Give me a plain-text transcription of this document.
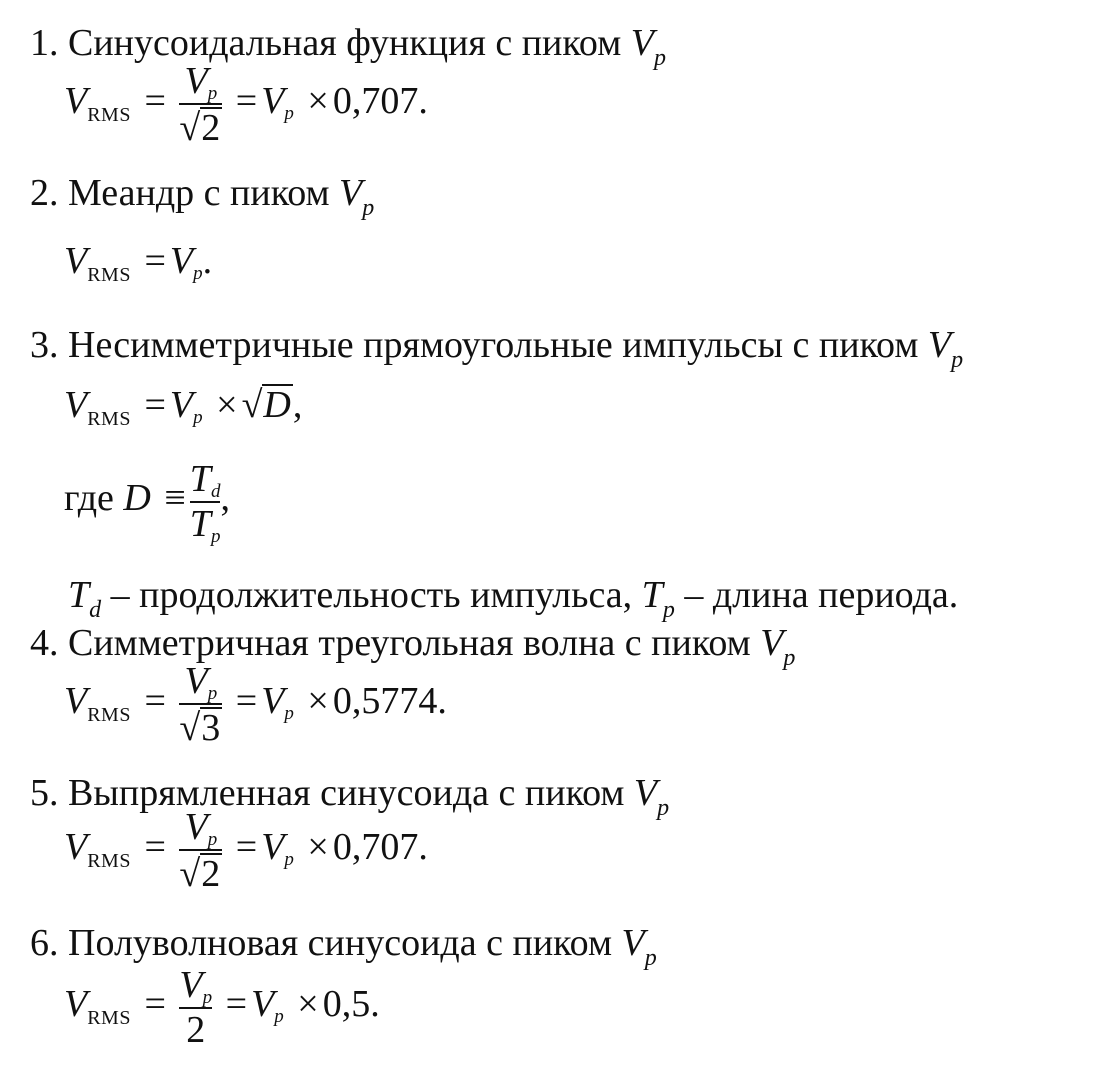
1. Синусоидальная функция с пиком $V_p$
$V_{RMS} = \frac{Vp}{√2} = Vp \times 0,707$.
2. Меандр с пиком $V_p$
$V_{RMS} = Vp$.
3. Несимметричные прямоугольные импульсы с пиком $V_p$
$V_{RMS} = Vp \times √D$,
где $D \equiv \frac{Td}{Tp}$ ,
$T_d$ – продолжительность импульса, $T_p$ – длина периода.
4. Симметричная треугольная волна с пиком $V_p$
$V_{RMS} = \frac{Vp}{√3} = Vp \times 0,5774$.
5. Выпрямленная синусоида с пиком $V_p$
$V_{RMS} = \frac{Vp}{√2} = Vp \times 0,707$.
6. Полуволновая синусоида с пиком $V_p$
$V_{RMS} = \frac{Vp}{2} = Vp \times 0,5$.
